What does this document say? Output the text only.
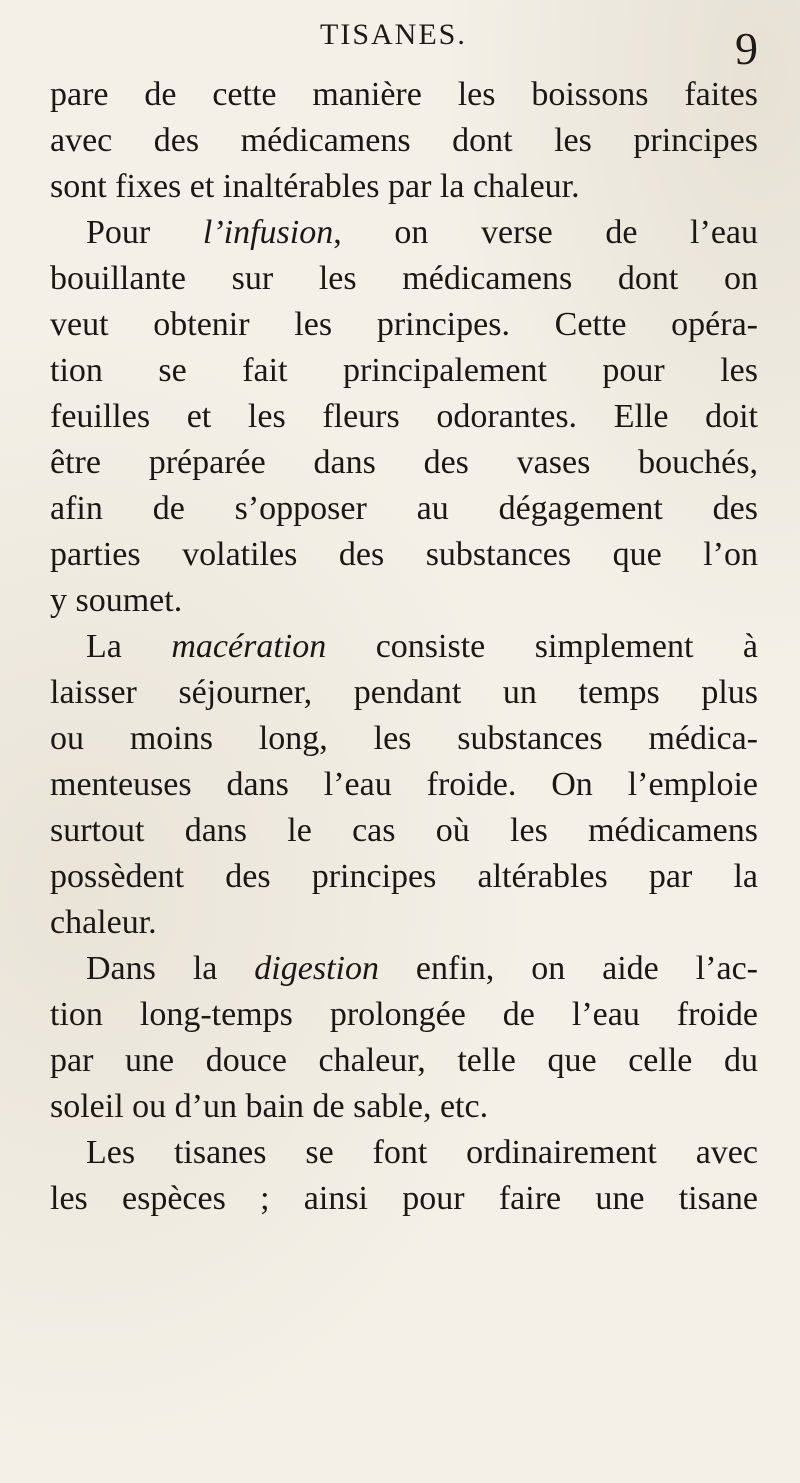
TISANES.	9
pare de cette manière les boissons faites
avec des médicamens dont les principes
sont fixes et inaltérables par la chaleur.
Pour l’infusion, on verse de l’eau
bouillante sur les médicamens dont on
veut obtenir les principes. Cette opéra-
tion se fait principalement pour les
feuilles et les fleurs odorantes. Elle doit
être préparée dans des vases bouchés,
afin de s’opposer au dégagement des
parties volatiles des substances que l’on
y soumet.
La macération consiste simplement à
laisser séjourner, pendant un temps plus
ou moins long, les substances médica-
menteuses dans l’eau froide. On l’emploie
surtout dans le cas où les médicamens
possèdent des principes altérables par la
chaleur.
Dans la digestion enfin, on aide l’ac-
tion long-temps prolongée de l’eau froide
par une douce chaleur, telle que celle du
soleil ou d’un bain de sable, etc.
Les tisanes se font ordinairement avec
les espèces ; ainsi pour faire une tisane
